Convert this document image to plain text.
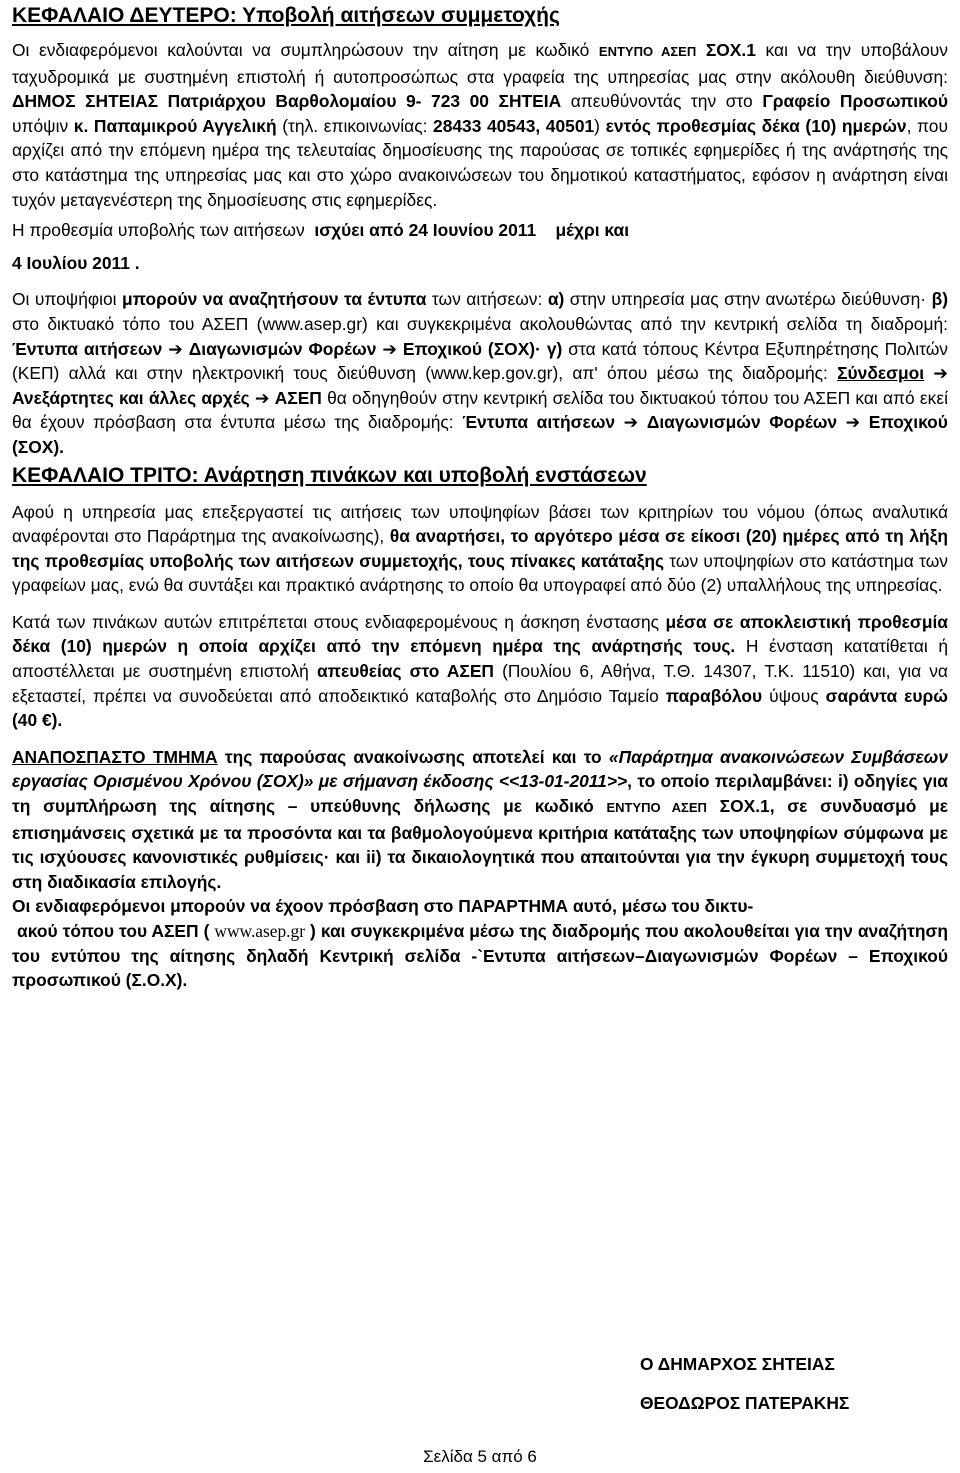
ΚΕΦΑΛΑΙΟ ΔΕΥΤΕΡΟ: Υποβολή αιτήσεων συμμετοχής

Οι ενδιαφερόμενοι καλούνται να συμπληρώσουν την αίτηση με κωδικό ΕΝΤΥΠΟ ΑΣΕΠ ΣΟΧ.1 και να την υποβάλουν ταχυδρομικά με συστημένη επιστολή ή αυτοπροσώπως στα γραφεία της υπηρεσίας μας στην ακόλουθη διεύθυνση: ΔΗΜΟΣ ΣΗΤΕΙΑΣ Πατριάρχου Βαρθολομαίου 9- 723 00 ΣΗΤΕΙΑ απευθύνοντάς την στο Γραφείο Προσωπικού υπόψιν κ. Παπαμικρού Αγγελική (τηλ. επικοινωνίας: 28433 40543, 40501) εντός προθεσμίας δέκα (10) ημερών, που αρχίζει από την επόμενη ημέρα της τελευταίας δημοσίευσης της παρούσας σε τοπικές εφημερίδες ή της ανάρτησής της στο κατάστημα της υπηρεσίας μας και στο χώρο ανακοινώσεων του δημοτικού καταστήματος, εφόσον η ανάρτηση είναι τυχόν μεταγενέστερη της δημοσίευσης στις εφημερίδες.

Η προθεσμία υποβολής των αιτήσεων ισχύει από 24 Ιουνίου 2011 μέχρι και

4 Ιουλίου 2011 .

Οι υποψήφιοι μπορούν να αναζητήσουν τα έντυπα των αιτήσεων: α) στην υπηρεσία μας στην ανωτέρω διεύθυνση· β) στο δικτυακό τόπο του ΑΣΕΠ (www.asep.gr) και συγκεκριμένα ακολουθώντας από την κεντρική σελίδα τη διαδρομή: Έντυπα αιτήσεων ➔ Διαγωνισμών Φορέων ➔ Εποχικού (ΣΟΧ)· γ) στα κατά τόπους Κέντρα Εξυπηρέτησης Πολιτών (ΚΕΠ) αλλά και στην ηλεκτρονική τους διεύθυνση (www.kep.gov.gr), απ' όπου μέσω της διαδρομής: Σύνδεσμοι ➔ Ανεξάρτητες και άλλες αρχές ➔ ΑΣΕΠ θα οδηγηθούν στην κεντρική σελίδα του δικτυακού τόπου του ΑΣΕΠ και από εκεί θα έχουν πρόσβαση στα έντυπα μέσω της διαδρομής: Έντυπα αιτήσεων ➔ Διαγωνισμών Φορέων ➔ Εποχικού (ΣΟΧ).

ΚΕΦΑΛΑΙΟ ΤΡΙΤΟ: Ανάρτηση πινάκων και υποβολή ενστάσεων

Αφού η υπηρεσία μας επεξεργαστεί τις αιτήσεις των υποψηφίων βάσει των κριτηρίων του νόμου (όπως αναλυτικά αναφέρονται στο Παράρτημα της ανακοίνωσης), θα αναρτήσει, το αργότερο μέσα σε είκοσι (20) ημέρες από τη λήξη της προθεσμίας υποβολής των αιτήσεων συμμετοχής, τους πίνακες κατάταξης των υποψηφίων στο κατάστημα των γραφείων μας, ενώ θα συντάξει και πρακτικό ανάρτησης το οποίο θα υπογραφεί από δύο (2) υπαλλήλους της υπηρεσίας.

Κατά των πινάκων αυτών επιτρέπεται στους ενδιαφερομένους η άσκηση ένστασης μέσα σε αποκλειστική προθεσμία δέκα (10) ημερών η οποία αρχίζει από την επόμενη ημέρα της ανάρτησής τους. Η ένσταση κατατίθεται ή αποστέλλεται με συστημένη επιστολή απευθείας στο ΑΣΕΠ (Πουλίου 6, Αθήνα, Τ.Θ. 14307, Τ.Κ. 11510) και, για να εξεταστεί, πρέπει να συνοδεύεται από αποδεικτικό καταβολής στο Δημόσιο Ταμείο παραβόλου ύψους σαράντα ευρώ (40 €).

ΑΝΑΠΟΣΠΑΣΤΟ ΤΜΗΜΑ της παρούσας ανακοίνωσης αποτελεί και το «Παράρτημα ανακοινώσεων Συμβάσεων εργασίας Ορισμένου Χρόνου (ΣΟΧ)» με σήμανση έκδοσης <<13-01-2011>>, το οποίο περιλαμβάνει: i) οδηγίες για τη συμπλήρωση της αίτησης – υπεύθυνης δήλωσης με κωδικό ΕΝΤΥΠΟ ΑΣΕΠ ΣΟΧ.1, σε συνδυασμό με επισημάνσεις σχετικά με τα προσόντα και τα βαθμολογούμενα κριτήρια κατάταξης των υποψηφίων σύμφωνα με τις ισχύουσες κανονιστικές ρυθμίσεις· και ii) τα δικαιολογητικά που απαιτούνται για την έγκυρη συμμετοχή τους στη διαδικασία επιλογής.

Οι ενδιαφερόμενοι μπορούν να έχοον πρόσβαση στο ΠΑΡΑΡΤΗΜΑ αυτό, μέσω του δικτυ-

ακού τόπου του ΑΣΕΠ ( www.asep.gr ) και συγκεκριμένα μέσω της διαδρομής που ακολουθείται για την αναζήτηση του εντύπου της αίτησης δηλαδή Κεντρική σελίδα -`Εντυπα αιτήσεων–Διαγωνισμών Φορέων – Εποχικού προσωπικού (Σ.Ο.Χ).

Ο ΔΗΜΑΡΧΟΣ ΣΗΤΕΙΑΣ
ΘΕΟΔΩΡΟΣ ΠΑΤΕΡΑΚΗΣ
Σελίδα 5 από 6
